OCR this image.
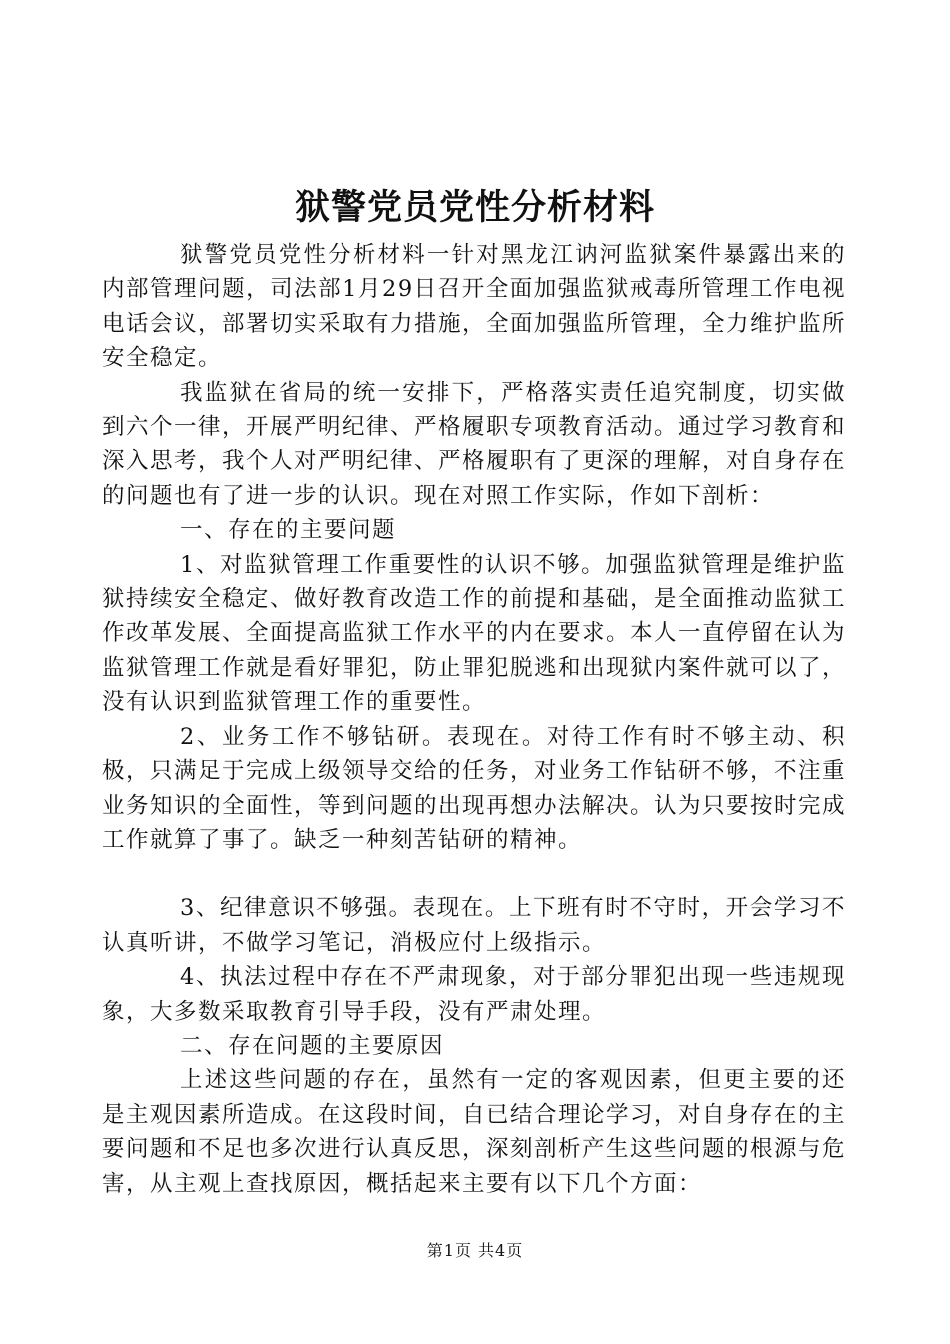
狱警党员党性分析材料

狱警党员党性分析材料一针对黑龙江讷河监狱案件暴露出来的内部管理问题，司法部1月29日召开全面加强监狱戒毒所管理工作电视电话会议，部署切实采取有力措施，全面加强监所管理，全力维护监所安全稳定。

我监狱在省局的统一安排下，严格落实责任追究制度，切实做到六个一律，开展严明纪律、严格履职专项教育活动。通过学习教育和深入思考，我个人对严明纪律、严格履职有了更深的理解，对自身存在的问题也有了进一步的认识。现在对照工作实际，作如下剖析：

一、存在的主要问题

1、对监狱管理工作重要性的认识不够。加强监狱管理是维护监狱持续安全稳定、做好教育改造工作的前提和基础，是全面推动监狱工作改革发展、全面提高监狱工作水平的内在要求。本人一直停留在认为监狱管理工作就是看好罪犯，防止罪犯脱逃和出现狱内案件就可以了，没有认识到监狱管理工作的重要性。

2、业务工作不够钻研。表现在。对待工作有时不够主动、积极，只满足于完成上级领导交给的任务，对业务工作钻研不够，不注重业务知识的全面性，等到问题的出现再想办法解决。认为只要按时完成工作就算了事了。缺乏一种刻苦钻研的精神。

3、纪律意识不够强。表现在。上下班有时不守时，开会学习不认真听讲，不做学习笔记，消极应付上级指示。

4、执法过程中存在不严肃现象，对于部分罪犯出现一些违规现象，大多数采取教育引导手段，没有严肃处理。

二、存在问题的主要原因

上述这些问题的存在，虽然有一定的客观因素，但更主要的还是主观因素所造成。在这段时间，自已结合理论学习，对自身存在的主要问题和不足也多次进行认真反思，深刻剖析产生这些问题的根源与危害，从主观上查找原因，概括起来主要有以下几个方面：

第1页 共4页
